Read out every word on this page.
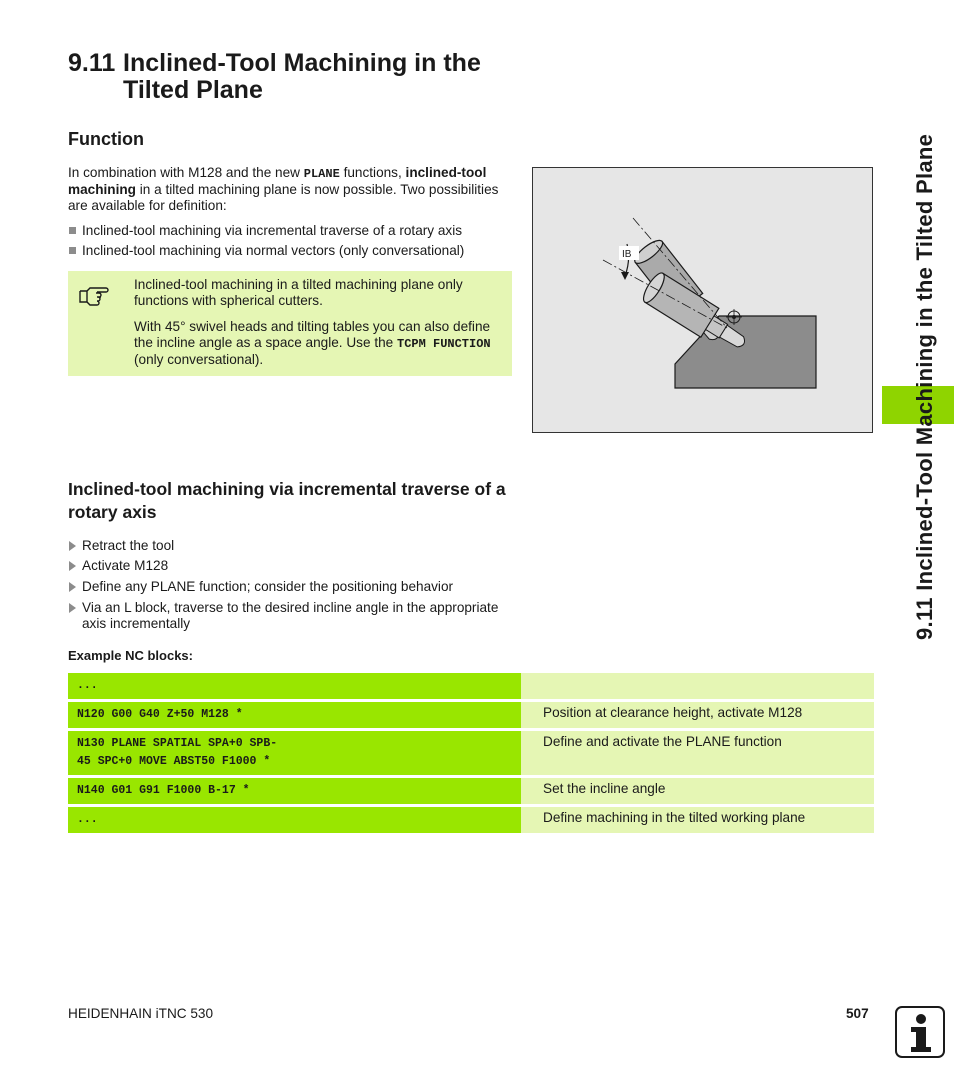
9.11 Inclined-Tool Machining in the
Tilted Plane
Function
In combination with M128 and the new PLANE functions, inclined-tool machining in a tilted machining plane is now possible. Two possibilities are available for definition:
Inclined-tool machining via incremental traverse of a rotary axis
Inclined-tool machining via normal vectors (only conversational)
Inclined-tool machining in a tilted machining plane only functions with spherical cutters.
With 45° swivel heads and tilting tables you can also define the incline angle as a space angle. Use the TCPM FUNCTION (only conversational).
IB
Inclined-tool machining via incremental traverse of a rotary axis
Retract the tool
Activate M128
Define any PLANE function; consider the positioning behavior
Via an L block, traverse to the desired incline angle in the appropriate axis incrementally
Example NC blocks:
...	

N120 G00 G40 Z+50 M128 *	Position at clearance height, activate M128

N130 PLANE SPATIAL SPA+0 SPB-
45 SPC+0 MOVE ABST50 F1000 *	Define and activate the PLANE function

N140 G01 G91 F1000 B-17 *	Set the incline angle

...	Define machining in the tilted working plane
9.11 Inclined-Tool Machining in the Tilted Plane
HEIDENHAIN iTNC 530	507
